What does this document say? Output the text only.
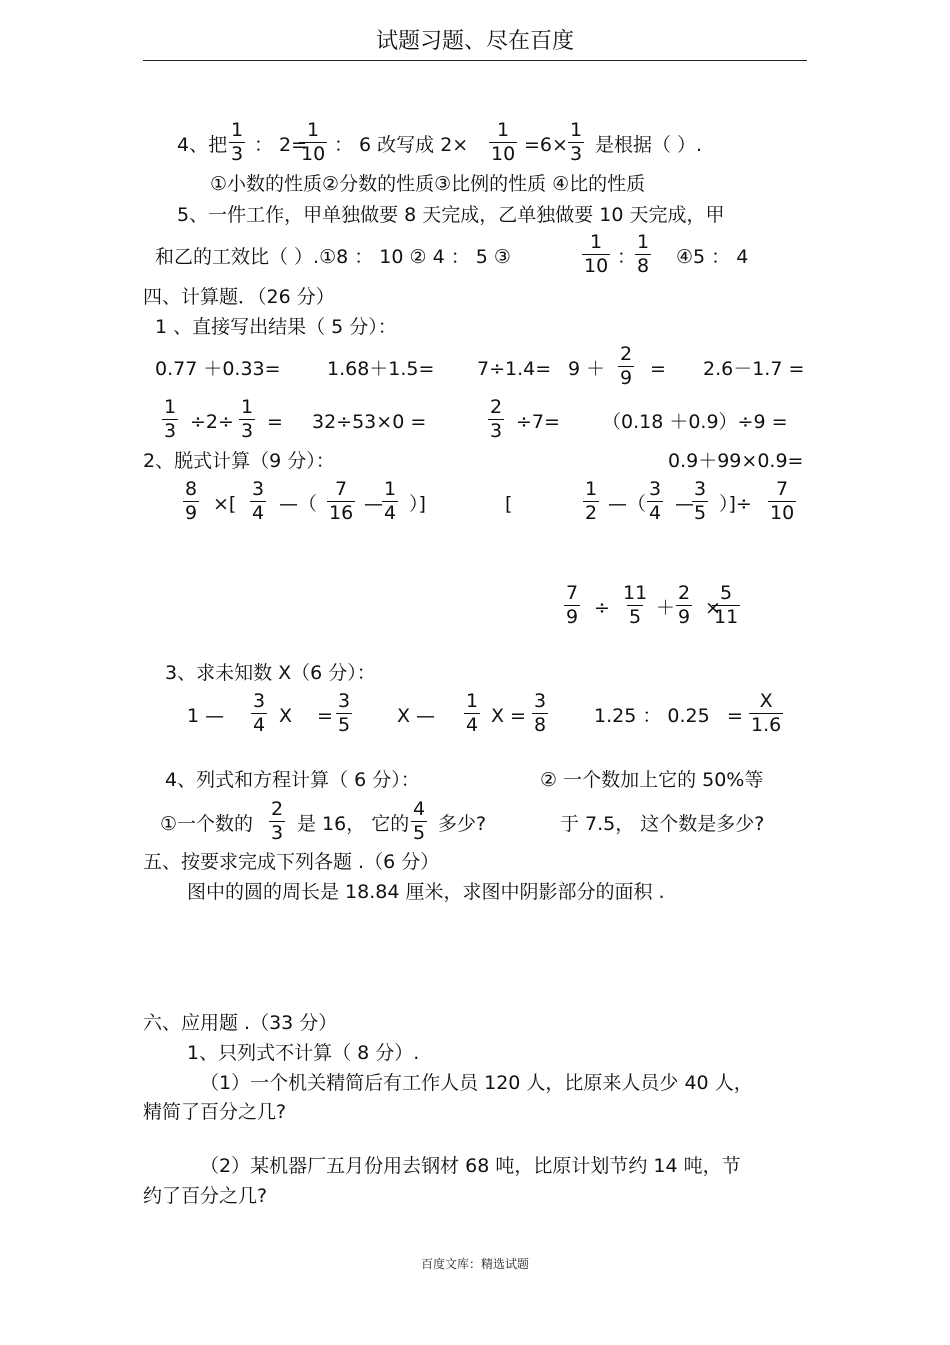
试题习题、尽在百度
4、把 $\frac{1}{3}$ ： 2=
$\frac{1}{10}$ ： 6 改写成 $2\times \frac{1}{10} =6\times \frac{1}{3}$ 是根据（ ）.
①小数的性质②分数的性质③比例的性质 ④比的性质
5、一件工作，甲单独做要 8 天完成，乙单独做要 10 天完成，甲
和乙的工效比（ ）.①8 ： 10 ② 4 ： 5 ③	$\frac{1}{10}$ ：
$\frac{1}{8}$ ④5 ： 4
四、计算题．（26 分）
1 、直接写出结果（ 5 分）：
$0.77 +0.33= 1.68+1.5= 7\div 1.4= 9 + \frac{2}{9} = 2.6-1.7$ =
$\frac{1}{3} \div 2\div \frac{1}{3} = 32\div 53\times 0$ =	$\frac{2}{3} \div 7= (0.18 +0.9)\div 9$ =
2、脱式计算（9 分）：	0.9＋99×0.9=
$\frac{8}{9}$ ×[ $\frac{3}{4}$ —（ $\frac{7}{16}$ — $\frac{1}{4}$ ）]	[	$\frac{1}{2}$ —（ $\frac{3}{4}$ —
$\frac{3}{5}$ ）]÷ $\frac{7}{10}$
$\frac{7}{9} \div \frac{11}{5} + \frac{2}{9}$ ×
$\frac{5}{11}$
3、求未知数 X（6 分）：
1 — $\frac{3}{4}$ $X = \frac{3}{5}$ X — $\frac{1}{4}$ $X = \frac{3}{8} 1.25$ ： $0.25 = \frac{X}{1.6}$
4、列式和方程计算（ 6 分）：	② 一个数加上它的 50%等
①一个数的 $\frac{2}{3}$ 是 16， 它的 $\frac{4}{5}$ 多少?	于 7.5， 这个数是多少?
五、按要求完成下列各题 .（6 分）
图中的圆的周长是 18.84 厘米，求图中阴影部分的面积 .
六、应用题 .（33 分）
1、只列式不计算（ 8 分）.
（1）一个机关精简后有工作人员 120 人，比原来人员少 40 人，
精简了百分之几?
（2）某机器厂五月份用去钢材 68 吨，比原计划节约 14 吨，节
约了百分之几?
百度文库：精选试题
